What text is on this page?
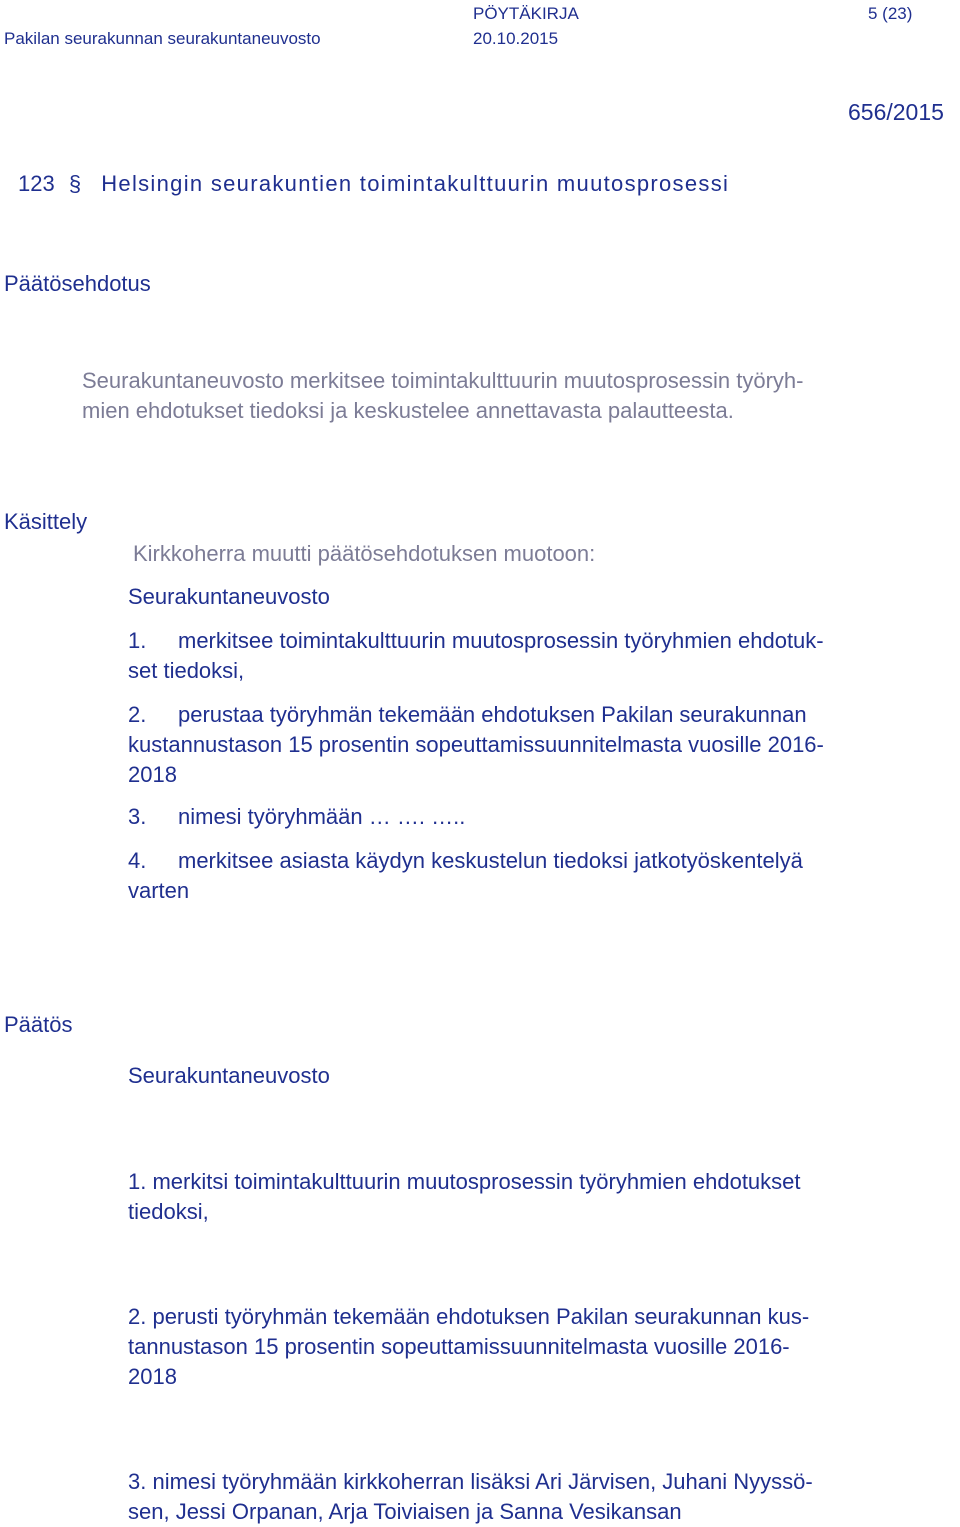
PÖYTÄKIRJA	5 (23)
Pakilan seurakunnan seurakuntaneuvosto	20.10.2015
656/2015
123 § Helsingin seurakuntien toimintakulttuurin muutosprosessi
Päätösehdotus
Seurakuntaneuvosto merkitsee toimintakulttuurin muutosprosessin työryh-
mien ehdotukset tiedoksi ja keskustelee annettavasta palautteesta.
Käsittely
Kirkkoherra muutti päätösehdotuksen muotoon:
Seurakuntaneuvosto
1. merkitsee toimintakulttuurin muutosprosessin työryhmien ehdotuk-
set tiedoksi,
2. perustaa työryhmän tekemään ehdotuksen Pakilan seurakunnan
kustannustason 15 prosentin sopeuttamissuunnitelmasta vuosille 2016-
2018
3. nimesi työryhmään … …. …..
4. merkitsee asiasta käydyn keskustelun tiedoksi jatkotyöskentelyä
varten
Päätös
Seurakuntaneuvosto
1. merkitsi toimintakulttuurin muutosprosessin työryhmien ehdotukset
tiedoksi,
2. perusti työryhmän tekemään ehdotuksen Pakilan seurakunnan kus-
tannustason 15 prosentin sopeuttamissuunnitelmasta vuosille 2016-
2018
3. nimesi työryhmään kirkkoherran lisäksi Ari Järvisen, Juhani Nyyssö-
sen, Jessi Orpanan, Arja Toiviaisen ja Sanna Vesikansan
